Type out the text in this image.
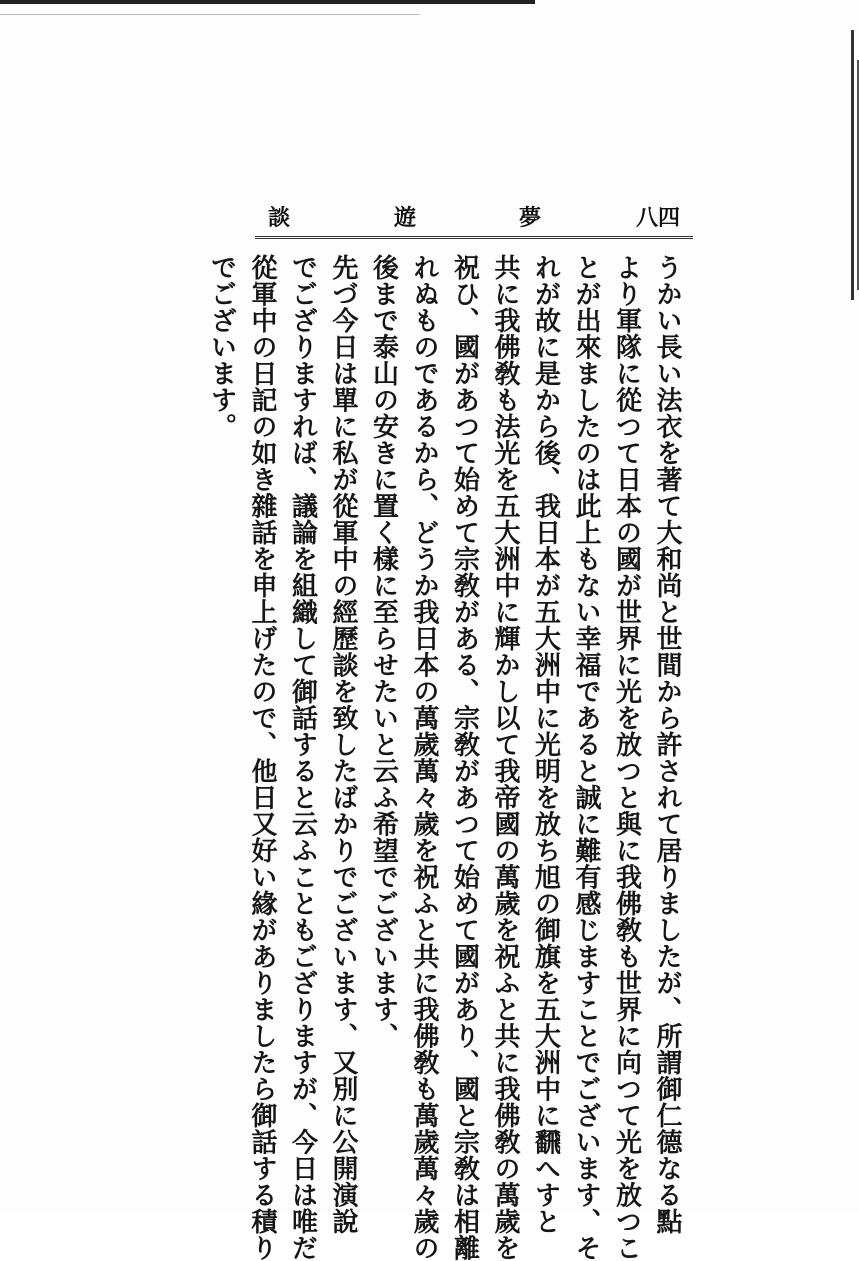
談	遊	夢	八四
うかい長い法衣を著て大和尚と世間から許されて居りましたが、所謂御仁德なる點
より軍隊に從つて日本の國が世界に光を放つと與に我佛敎も世界に向つて光を放つこ
とが出來ましたのは此上もない幸福であると誠に難有感じますことでございます、そ
れが故に是から後、我日本が五大洲中に光明を放ち旭の御旗を五大洲中に飜へすと
共に我佛敎も法光を五大洲中に輝かし以て我帝國の萬歲を祝ふと共に我佛敎の萬歲を
祝ひ、國があつて始めて宗敎がある、宗敎があつて始めて國があり、國と宗敎は相離
れぬものであるから、どうか我日本の萬歲萬々歲を祝ふと共に我佛敎も萬歲萬々歲の
後まで泰山の安きに置く樣に至らせたいと云ふ希望でございます、
先づ今日は單に私が從軍中の經歷談を致したばかりでございます、又別に公開演說
でござりますれば、議論を組織して御話すると云ふこともござりますが、今日は唯だ
從軍中の日記の如き雜話を申上げたので、他日又好い緣がありましたら御話する積り
でございます。
